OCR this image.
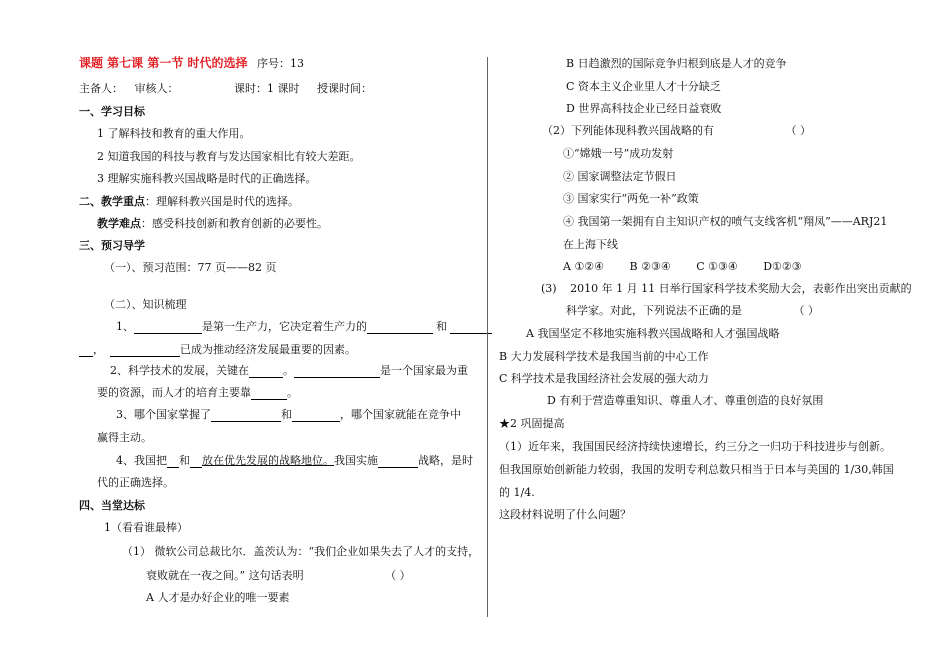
课题 第七课 第一节 时代的选择 序号：13
主备人： 审核人：	课时：1 课时 授课时间：
一、学习目标
1 了解科技和教育的重大作用。
2 知道我国的科技与教育与发达国家相比有较大差距。
3 理解实施科教兴国战略是时代的正确选择。
二、教学重点：理解科教兴国是时代的选择。
教学难点：感受科技创新和教育创新的必要性。
三、预习导学
（一）、预习范围：77 页——82 页
（二）、知识梳理
1、	是第一生产力，它决定着生产力的	和
，	已成为推动经济发展最重要的因素。
2、科学技术的发展，关键在	。	是一个国家最为重
要的资源，而人才的培育主要靠	。
3、哪个国家掌握了	和	，哪个国家就能在竞争中
赢得主动。
4、我国把 和 放在优先发展的战略地位。我国实施	战略，是时
代的正确选择。
四、当堂达标
1（看看谁最棒）
（1） 微软公司总裁比尔．盖茨认为：“我们企业如果失去了人才的支持，
衰败就在一夜之间。” 这句话表明	（ ）
A 人才是办好企业的唯一要素
B 日趋激烈的国际竞争归根到底是人才的竞争
C 资本主义企业里人才十分缺乏
D 世界高科技企业已经日益衰败
（2）下列能体现科教兴国战略的有	（ ）
①“嫦娥一号”成功发射
② 国家调整法定节假日
③ 国家实行“两免一补”政策
④ 我国第一架拥有自主知识产权的喷气支线客机“翔凤”——ARJ21
在上海下线
A ①②④ B ②③④ C ①③④ D①②③
(3) 2010 年 1 月 11 日举行国家科学技术奖励大会，表彰作出突出贡献的
科学家。对此，下列说法不正确的是	（ ）
A 我国坚定不移地实施科教兴国战略和人才强国战略
B 大力发展科学技术是我国当前的中心工作
C 科学技术是我国经济社会发展的强大动力
D 有利于营造尊重知识、尊重人才、尊重创造的良好氛围
★2 巩固提高
（1）近年来，我国国民经济持续快速增长，约三分之一归功于科技进步与创新。
但我国原始创新能力较弱，我国的发明专利总数只相当于日本与美国的 1/30,韩国
的 1/4.
这段材料说明了什么问题？
